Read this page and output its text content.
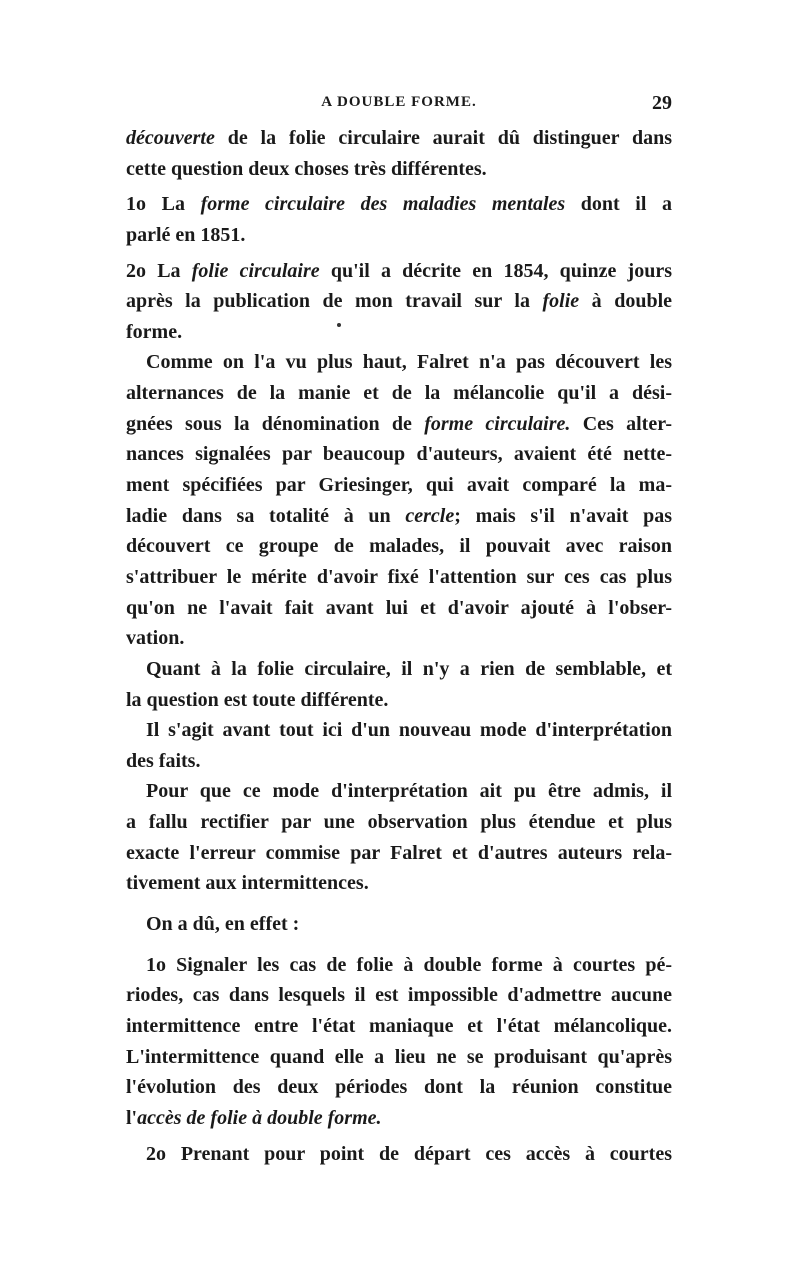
A DOUBLE FORME.	29
découverte de la folie circulaire aurait dû distinguer dans
cette question deux choses très différentes.
1o La forme circulaire des maladies mentales dont il a
parlé en 1851.
2o La folie circulaire qu'il a décrite en 1854, quinze jours
après la publication de mon travail sur la folie à double
forme.
Comme on l'a vu plus haut, Falret n'a pas découvert les
alternances de la manie et de la mélancolie qu'il a dési-
gnées sous la dénomination de forme circulaire. Ces alter-
nances signalées par beaucoup d'auteurs, avaient été nette-
ment spécifiées par Griesinger, qui avait comparé la ma-
ladie dans sa totalité à un cercle; mais s'il n'avait pas
découvert ce groupe de malades, il pouvait avec raison
s'attribuer le mérite d'avoir fixé l'attention sur ces cas plus
qu'on ne l'avait fait avant lui et d'avoir ajouté à l'obser-
vation.
Quant à la folie circulaire, il n'y a rien de semblable, et
la question est toute différente.
Il s'agit avant tout ici d'un nouveau mode d'interprétation
des faits.
Pour que ce mode d'interprétation ait pu être admis, il
a fallu rectifier par une observation plus étendue et plus
exacte l'erreur commise par Falret et d'autres auteurs rela-
tivement aux intermittences.
On a dû, en effet :
1o Signaler les cas de folie à double forme à courtes pé-
riodes, cas dans lesquels il est impossible d'admettre aucune
intermittence entre l'état maniaque et l'état mélancolique.
L'intermittence quand elle a lieu ne se produisant qu'après
l'évolution des deux périodes dont la réunion constitue
l'accès de folie à double forme.
2o Prenant pour point de départ ces accès à courtes
